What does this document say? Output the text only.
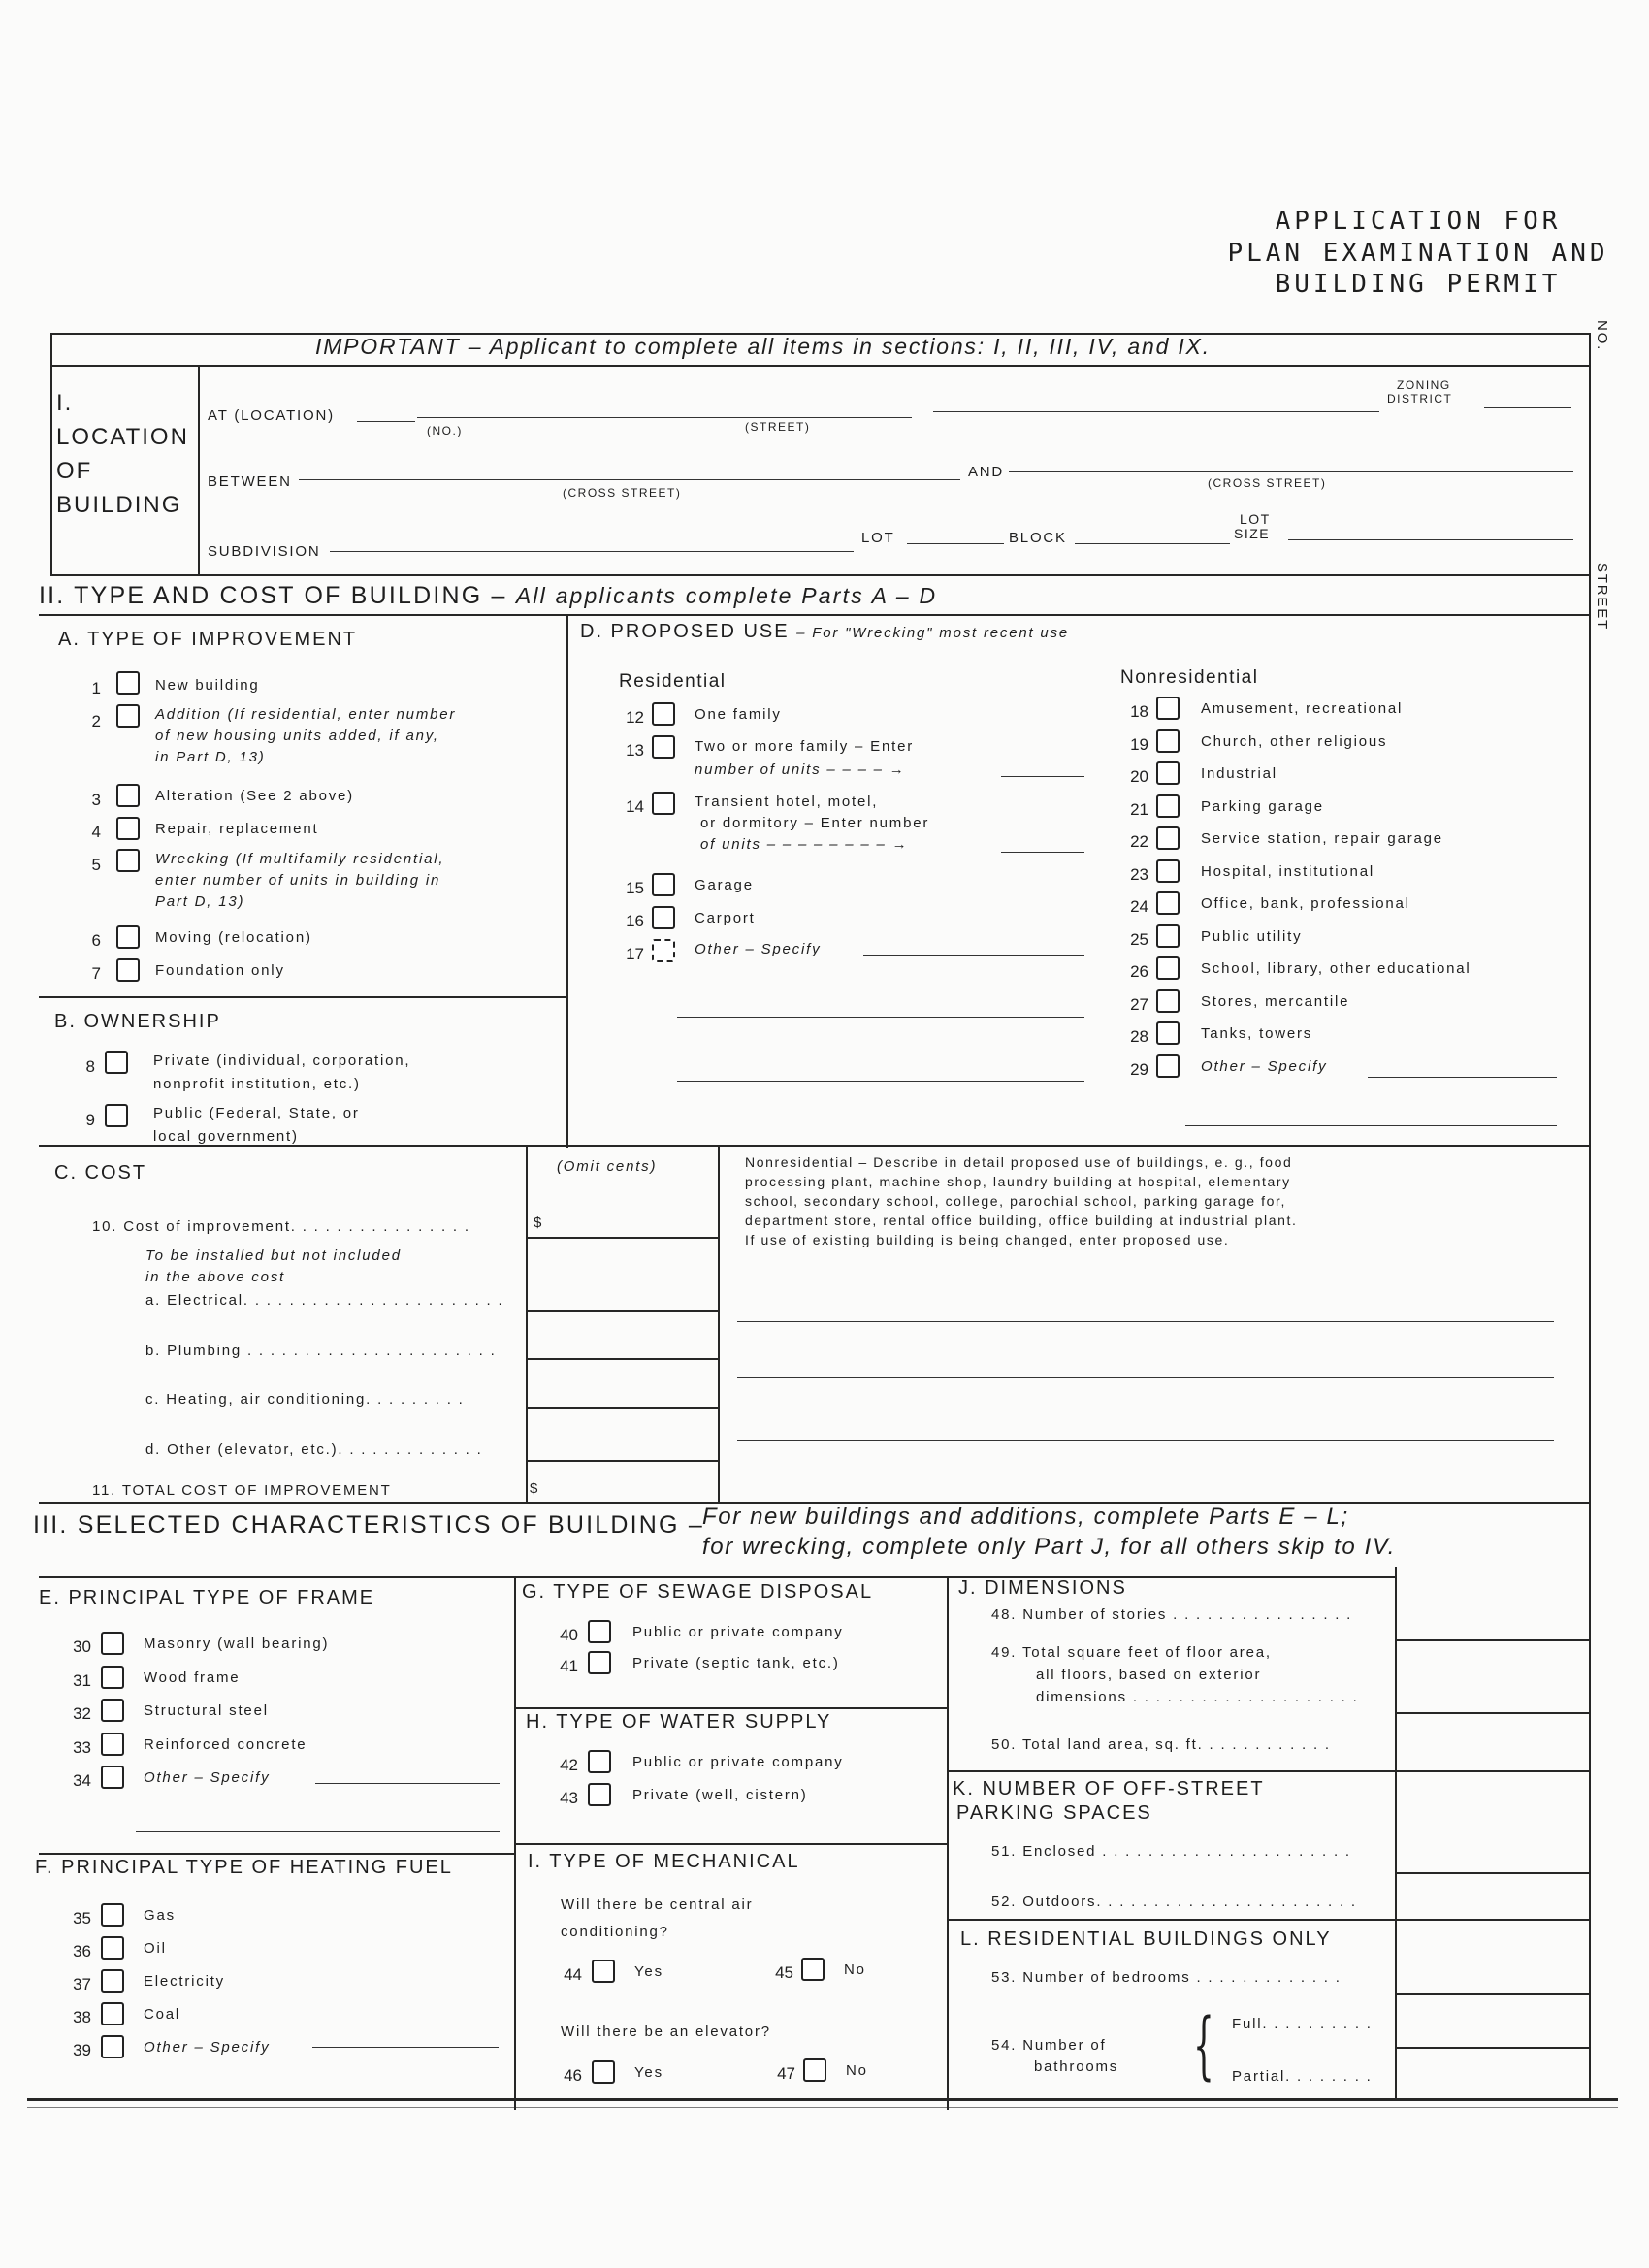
APPLICATION FOR
PLAN EXAMINATION AND
BUILDING PERMIT
NO.
STREET
IMPORTANT – Applicant to complete all items in sections: I, II, III, IV, and IX.
I.
LOCATION
OF
BUILDING
AT (LOCATION)
(NO.)	(STREET)
ZONING
DISTRICT
BETWEEN
(CROSS STREET)
AND
(CROSS STREET)
SUBDIVISION
LOT	BLOCK
LOT
SIZE
II. TYPE AND COST OF BUILDING – All applicants complete Parts A – D
A. TYPE OF IMPROVEMENT
1	New building
2	Addition (If residential, enter number
of new housing units added, if any,
in Part D, 13)
3	Alteration (See 2 above)
4	Repair, replacement
5	Wrecking (If multifamily residential,
enter number of units in building in
Part D, 13)
6	Moving (relocation)
7	Foundation only
B. OWNERSHIP
8	Private (individual, corporation,
nonprofit institution, etc.)
9	Public (Federal, State, or
local government)
D. PROPOSED USE – For "Wrecking" most recent use
Residential	Nonresidential
12	One family
13	Two or more family – Enter
number of units – – – – →
14	Transient hotel, motel,
or dormitory – Enter number
of units – – – – – – – – →
15	Garage
16	Carport
17	Other – Specify
18	Amusement, recreational
19	Church, other religious
20	Industrial
21	Parking garage
22	Service station, repair garage
23	Hospital, institutional
24	Office, bank, professional
25	Public utility
26	School, library, other educational
27	Stores, mercantile
28	Tanks, towers
29	Other – Specify
C. COST	(Omit cents)
10. Cost of improvement. . . . . . . . . . . . . . . .	$
To be installed but not included
in the above cost
a. Electrical. . . . . . . . . . . . . . . . . . . . . . .
b. Plumbing . . . . . . . . . . . . . . . . . . . . . .
c. Heating, air conditioning. . . . . . . . .
d. Other (elevator, etc.). . . . . . . . . . . . .
11. TOTAL COST OF IMPROVEMENT	$
Nonresidential – Describe in detail proposed use of buildings, e. g., food
processing plant, machine shop, laundry building at hospital, elementary
school, secondary school, college, parochial school, parking garage for,
department store, rental office building, office building at industrial plant.
If use of existing building is being changed, enter proposed use.
III. SELECTED CHARACTERISTICS OF BUILDING –
For new buildings and additions, complete Parts E – L;
for wrecking, complete only Part J, for all others skip to IV.
E. PRINCIPAL TYPE OF FRAME
30	Masonry (wall bearing)
31	Wood frame
32	Structural steel
33	Reinforced concrete
34	Other – Specify
F. PRINCIPAL TYPE OF HEATING FUEL
35	Gas
36	Oil
37	Electricity
38	Coal
39	Other – Specify
G. TYPE OF SEWAGE DISPOSAL
40	Public or private company
41	Private (septic tank, etc.)
H. TYPE OF WATER SUPPLY
42	Public or private company
43	Private (well, cistern)
I. TYPE OF MECHANICAL
Will there be central air
conditioning?
44	Yes	45	No
Will there be an elevator?
46	Yes	47	No
J. DIMENSIONS
48. Number of stories . . . . . . . . . . . . . . . .
49. Total square feet of floor area,
all floors, based on exterior
dimensions . . . . . . . . . . . . . . . . . . . .
50. Total land area, sq. ft. . . . . . . . . . . .
K. NUMBER OF OFF-STREET
PARKING SPACES
51. Enclosed . . . . . . . . . . . . . . . . . . . . . .
52. Outdoors. . . . . . . . . . . . . . . . . . . . . . .
L. RESIDENTIAL BUILDINGS ONLY
53. Number of bedrooms . . . . . . . . . . . . .
54. Number of
bathrooms { Full. . . . . . . . . .
Partial. . . . . . . .
